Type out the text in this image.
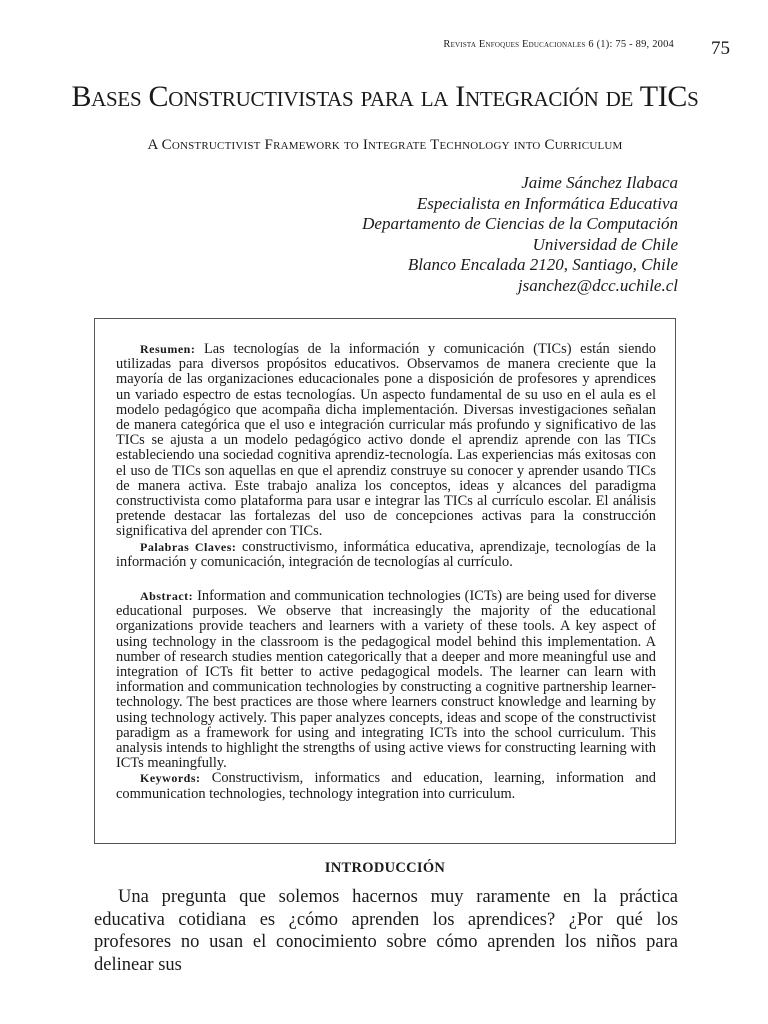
Revista Enfoques Educacionales 6 (1): 75 - 89, 2004	75
Bases Constructivistas para la Integración de TICs
A Constructivist Framework to Integrate Technology into Curriculum
Jaime Sánchez Ilabaca
Especialista en Informática Educativa
Departamento de Ciencias de la Computación
Universidad de Chile
Blanco Encalada 2120, Santiago, Chile
jsanchez@dcc.uchile.cl

Resumen: Las tecnologías de la información y comunicación (TICs) están siendo utilizadas para diversos propósitos educativos. Observamos de manera creciente que la mayoría de las organizaciones educacionales pone a disposición de profesores y aprendices un variado espectro de estas tecnologías. Un aspecto fundamental de su uso en el aula es el modelo pedagógico que acompaña dicha implementación. Diversas investigaciones señalan de manera categórica que el uso e integración curricular más profundo y significativo de las TICs se ajusta a un modelo pedagógico activo donde el aprendiz aprende con las TICs estableciendo una sociedad cognitiva aprendiz-tecnología. Las experiencias más exitosas con el uso de TICs son aquellas en que el aprendiz construye su conocer y aprender usando TICs de manera activa. Este trabajo analiza los conceptos, ideas y alcances del paradigma constructivista como plataforma para usar e integrar las TICs al currículo escolar. El análisis pretende destacar las fortalezas del uso de concepciones activas para la construcción significativa del aprender con TICs.

Palabras Claves: constructivismo, informática educativa, aprendizaje, tecnologías de la información y comunicación, integración de tecnologías al currículo.

Abstract: Information and communication technologies (ICTs) are being used for diverse educational purposes. We observe that increasingly the majority of the educational organizations provide teachers and learners with a variety of these tools. A key aspect of using technology in the classroom is the pedagogical model behind this implementation. A number of research studies mention categorically that a deeper and more meaningful use and integration of ICTs fit better to active pedagogical models. The learner can learn with information and communication technologies by constructing a cognitive partnership learner-technology. The best practices are those where learners construct knowledge and learning by using technology actively. This paper analyzes concepts, ideas and scope of the constructivist paradigm as a framework for using and integrating ICTs into the school curriculum. This analysis intends to highlight the strengths of using active views for constructing learning with ICTs meaningfully.

Keywords: Constructivism, informatics and education, learning, information and communication technologies, technology integration into curriculum.

INTRODUCCIÓN

Una pregunta que solemos hacernos muy raramente en la práctica educativa cotidiana es ¿cómo aprenden los aprendices? ¿Por qué los profesores no usan el conocimiento sobre cómo aprenden los niños para delinear sus
